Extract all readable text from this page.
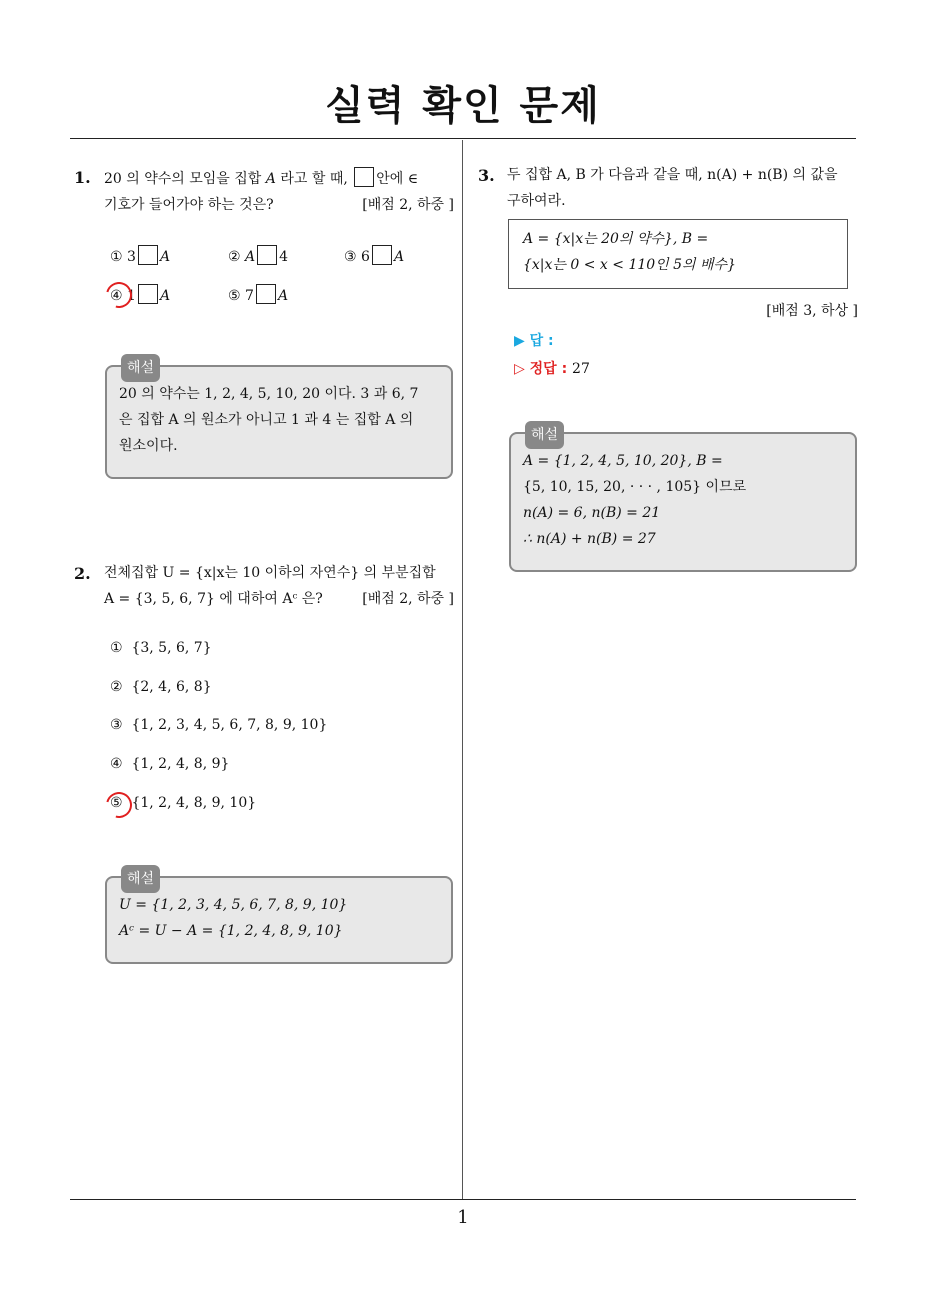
실력 확인 문제
1. 20 의 약수의 모임을 집합 A 라고 할 때, 안에 ∈
기호가 들어가야 하는 것은?	[배점 2, 하중 ]
① 3 A	② A 4	③ 6 A
④ 1 A	⑤ 7 A
해설
20 의 약수는 1, 2, 4, 5, 10, 20 이다. 3 과 6, 7
은 집합 A 의 원소가 아니고 1 과 4 는 집합 A 의
원소이다.
2. 전체집합 U = {x|x는 10 이하의 자연수} 의 부분집합
A = {3, 5, 6, 7} 에 대하여 Aᶜ 은?	[배점 2, 하중 ]
① {3, 5, 6, 7}
② {2, 4, 6, 8}
③ {1, 2, 3, 4, 5, 6, 7, 8, 9, 10}
④ {1, 2, 4, 8, 9}
⑤ {1, 2, 4, 8, 9, 10}
해설
U = {1, 2, 3, 4, 5, 6, 7, 8, 9, 10}
Aᶜ = U − A = {1, 2, 4, 8, 9, 10}
3. 두 집합 A, B 가 다음과 같을 때, n(A) + n(B) 의 값을
구하여라.
A = {x|x는 20의 약수}, B =
{x|x는 0 < x < 110인 5의 배수}
[배점 3, 하상 ]
▶ 답 :
▷ 정답 : 27
해설
A = {1, 2, 4, 5, 10, 20}, B =
{5, 10, 15, 20, · · · , 105} 이므로
n(A) = 6, n(B) = 21
∴ n(A) + n(B) = 27
1
